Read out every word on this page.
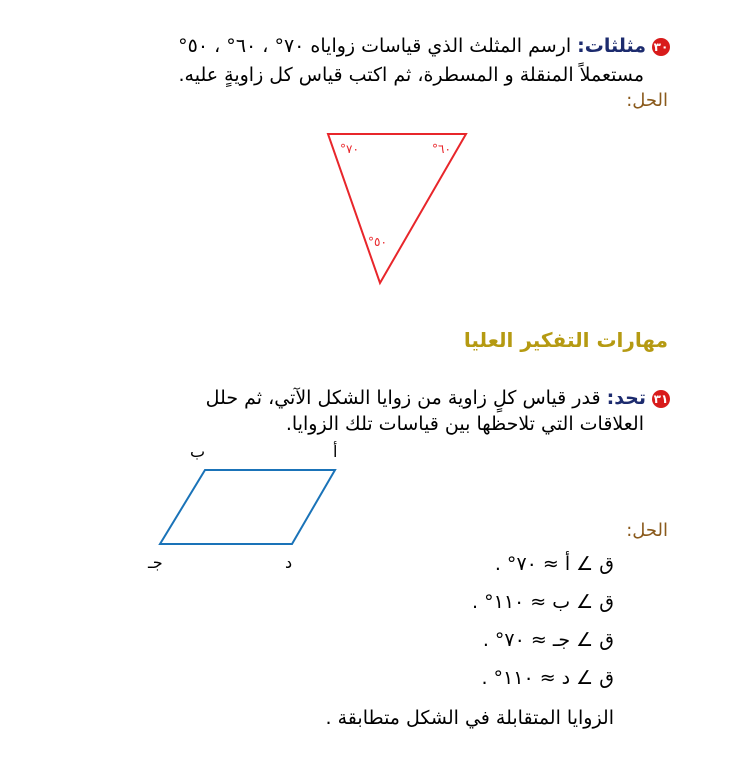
٣٠مثلثات: ارسم المثلث الذي قياسات زواياه ٧٠° ، ٦٠° ، ٥٠°
مستعملاً المنقلة و المسطرة، ثم اكتب قياس كل زاويةٍ عليه.
الحل:
°٧٠	°٦٠
°٥٠
مهارات التفكير العليا
٣١تحد: قدر قياس كلٍ زاوية من زوايا الشكل الآتي، ثم حلل
العلاقات التي تلاحظها بين قياسات تلك الزوايا.
أ
ب
جـ	د
الحل:
ق ∠ أ ≈ ٧٠° .
ق ∠ ب ≈ ١١٠° .
ق ∠ جـ ≈ ٧٠° .
ق ∠ د ≈ ١١٠° .
الزوايا المتقابلة في الشكل متطابقة .
